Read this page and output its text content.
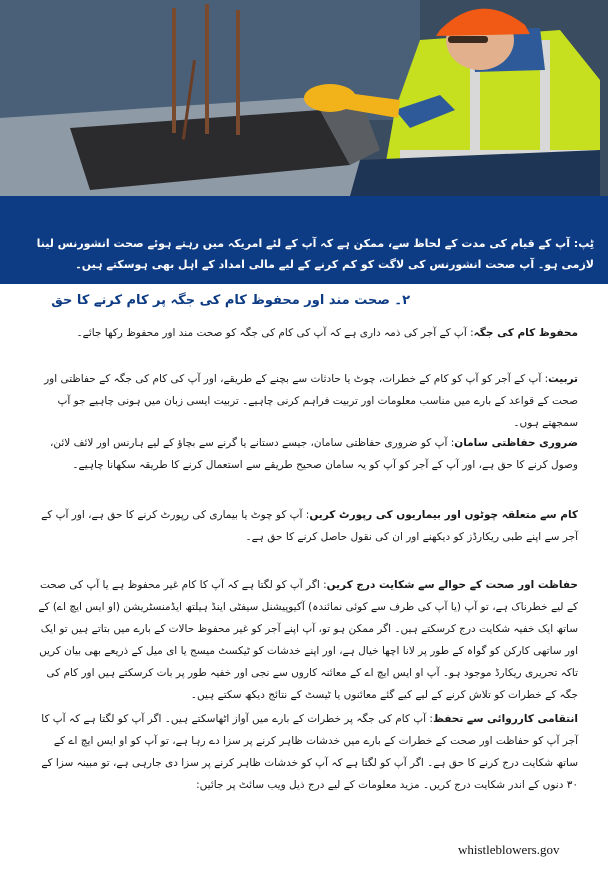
ٹِپ: آپ کے قیام کی مدت کے لحاظ سے، ممکن ہے کہ آپ کے لئے امریکہ میں رہتے ہوئے صحت انشورنس لینا لازمی ہو۔ آپ صحت انشورنس کی لاگت کو کم کرنے کے لیے مالی امداد کے اہل بھی ہوسکتے ہیں۔

۲۔ صحت مند اور محفوظ کام کی جگہ پر کام کرنے کا حق

محفوظ کام کی جگہ: آپ کے آجر کی ذمہ داری ہے کہ آپ کی کام کی جگہ کو صحت مند اور محفوظ رکھا جائے۔

تربیت: آپ کے آجر کو آپ کو کام کے خطرات، چوٹ یا حادثات سے بچنے کے طریقے، اور آپ کی کام کی جگہ کے حفاظتی اور صحت کے قواعد کے بارے میں مناسب معلومات اور تربیت فراہم کرنی چاہیے۔ تربیت ایسی زبان میں ہونی چاہیے جو آپ سمجھتے ہوں۔

ضروری حفاظتی سامان: آپ کو ضروری حفاظتی سامان، جیسے دستانے یا گرنے سے بچاؤ کے لیے ہارنس اور لائف لائن، وصول کرنے کا حق ہے، اور آپ کے آجر کو آپ کو یہ سامان صحیح طریقے سے استعمال کرنے کا طریقہ سکھانا چاہیے۔

کام سے متعلقہ چوٹوں اور بیماریوں کی رپورٹ کریں: آپ کو چوٹ یا بیماری کی رپورٹ کرنے کا حق ہے، اور آپ کے آجر سے اپنے طبی ریکارڈز کو دیکھنے اور ان کی نقول حاصل کرنے کا حق ہے۔

حفاظت اور صحت کے حوالے سے شکایت درج کریں: اگر آپ کو لگتا ہے کہ آپ کا کام غیر محفوظ ہے یا آپ کی صحت کے لیے خطرناک ہے، تو آپ (یا آپ کی طرف سے کوئی نمائندہ) آکیوپیشنل سیفٹی اینڈ ہیلتھ ایڈمنسٹریشن (او ایس ایچ اے) کے ساتھ ایک خفیہ شکایت درج کرسکتے ہیں۔ اگر ممکن ہو تو، آپ اپنے آجر کو غیر محفوظ حالات کے بارے میں بتاتے ہیں تو ایک اور ساتھی کارکن کو گواہ کے طور پر لانا اچھا خیال ہے، اور اپنے خدشات کو ٹیکسٹ میسج یا ای میل کے ذریعے بھی بیان کریں تاکہ تحریری ریکارڈ موجود ہو۔ آپ او ایس ایچ اے کے معائنہ کاروں سے نجی اور خفیہ طور پر بات کرسکتے ہیں اور کام کی جگہ کے خطرات کو تلاش کرنے کے لیے کیے گئے معائنوں یا ٹیسٹ کے نتائج دیکھ سکتے ہیں۔

انتقامی کارروائی سے تحفظ: آپ کام کی جگہ پر خطرات کے بارے میں آواز اٹھاسکتے ہیں۔ اگر آپ کو لگتا ہے کہ آپ کا آجر آپ کو حفاظت اور صحت کے خطرات کے بارے میں خدشات ظاہر کرنے پر سزا دے رہا ہے، تو آپ کو او ایس ایچ اے کے ساتھ شکایت درج کرنے کا حق ہے۔ اگر آپ کو لگتا ہے کہ آپ کو خدشات ظاہر کرنے پر سزا دی جارہی ہے، تو مبینہ سزا کے ۳۰ دنوں کے اندر شکایت درج کریں۔ مزید معلومات کے لیے درج ذیل ویب سائٹ پر جائیں:

whistleblowers.gov
